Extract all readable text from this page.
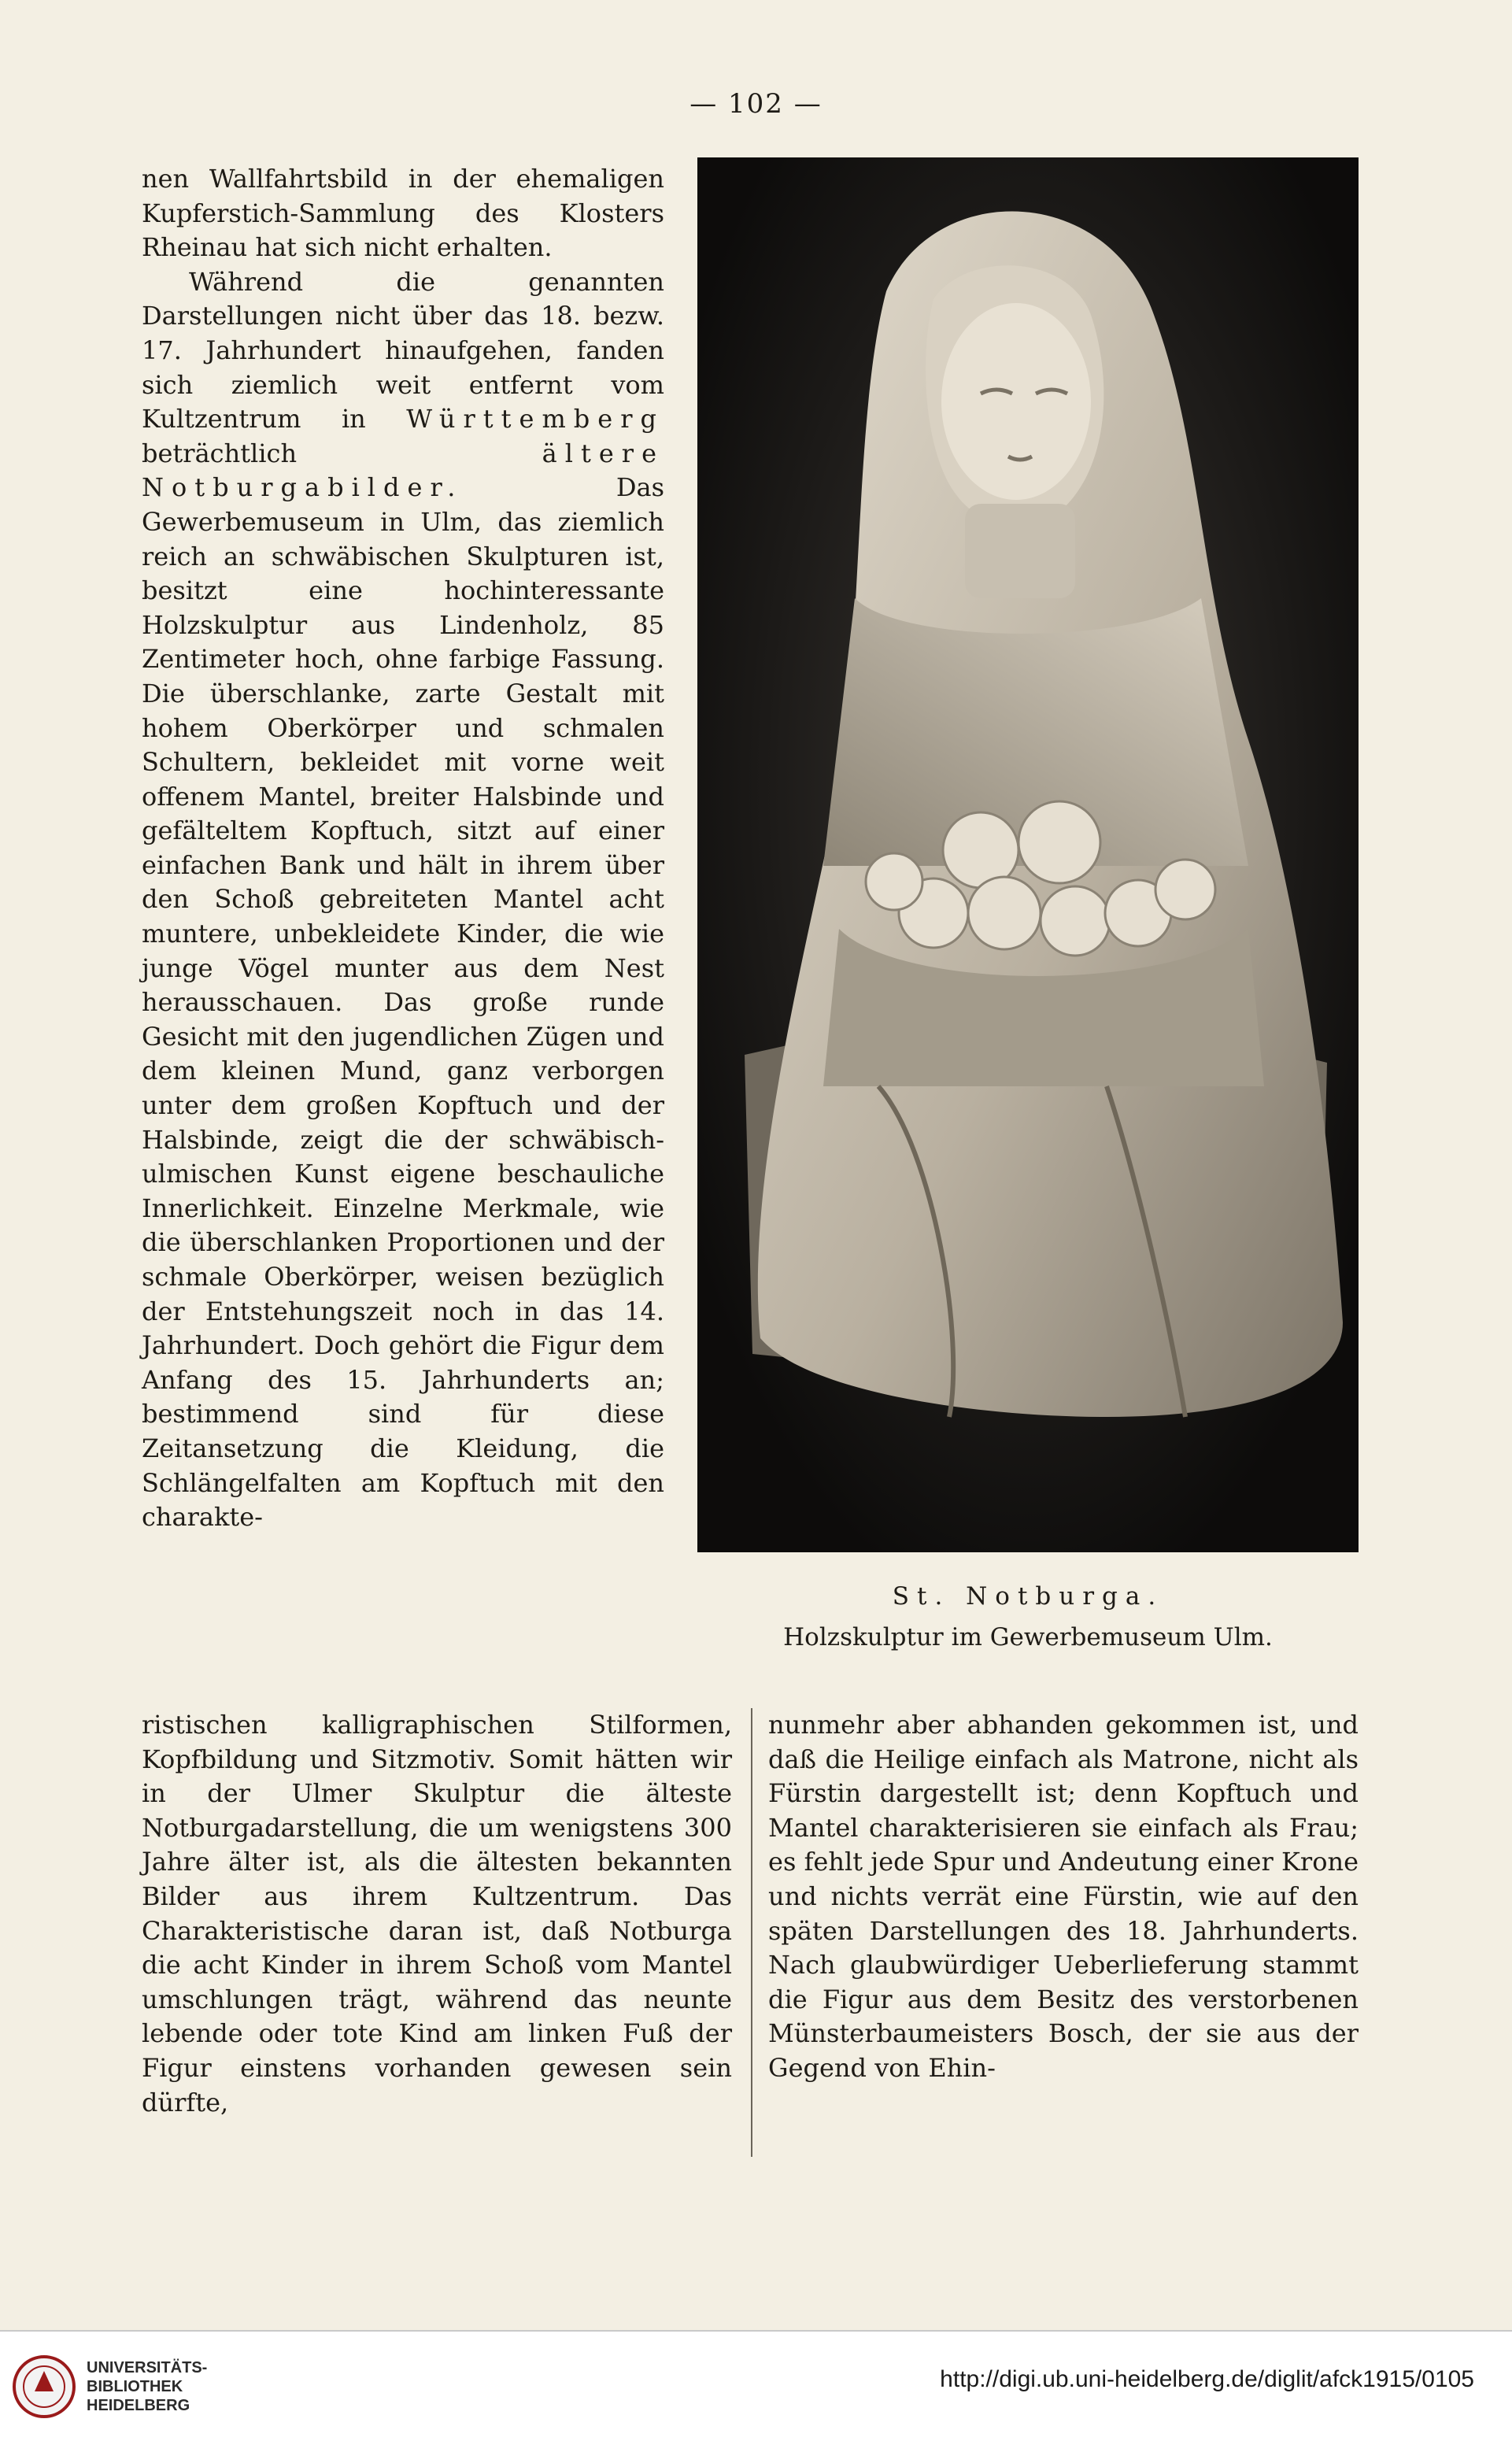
— 102 —

nen Wallfahrtsbild in der ehemaligen Kupferstich-Sammlung des Klosters Rheinau hat sich nicht erhalten.

Während die genannten Darstellungen nicht über das 18. bezw. 17. Jahrhundert hinaufgehen, fanden sich ziemlich weit entfernt vom Kultzentrum in Württemberg beträchtlich	ältere Notburgabilder.	Das Gewerbemuseum in Ulm, das ziemlich reich an schwäbischen Skulpturen ist, besitzt eine hochinteressante Holzskulptur aus Lindenholz, 85 Zentimeter hoch, ohne farbige Fassung. Die überschlanke, zarte Gestalt mit hohem Oberkörper und schmalen Schultern, bekleidet mit vorne weit offenem Mantel, breiter Halsbinde und gefälteltem Kopftuch, sitzt auf einer einfachen Bank und hält in ihrem über den Schoß gebreiteten Mantel acht muntere, unbekleidete Kinder, die wie junge Vögel munter aus dem Nest herausschauen. Das große runde Gesicht mit den jugendlichen Zügen und dem kleinen Mund, ganz verborgen unter dem großen Kopftuch und der Halsbinde, zeigt die der schwäbisch-ulmischen Kunst eigene beschauliche Innerlichkeit. Einzelne Merkmale, wie die überschlanken Proportionen und der schmale Oberkörper, weisen bezüglich der Entstehungszeit noch in das 14. Jahrhundert. Doch gehört die Figur dem Anfang des 15. Jahrhunderts an; bestimmend sind für diese Zeitansetzung die Kleidung, die Schlängelfalten am Kopftuch mit den charakte-

St. Notburga.
Holzskulptur im Gewerbemuseum Ulm.
ristischen kalligraphischen Stilformen, Kopfbildung und Sitzmotiv. Somit hätten wir in der Ulmer Skulptur die älteste Notburgadarstellung, die um wenigstens 300 Jahre älter ist, als die ältesten bekannten Bilder aus ihrem Kultzentrum. Das Charakteristische daran ist, daß Notburga die acht Kinder in ihrem Schoß vom Mantel umschlungen trägt, während das neunte lebende oder tote Kind am linken Fuß der Figur einstens vorhanden gewesen sein dürfte,
nunmehr aber abhanden gekommen ist, und daß die Heilige einfach als Matrone, nicht als Fürstin dargestellt ist; denn Kopftuch und Mantel charakterisieren sie einfach als Frau; es fehlt jede Spur und Andeutung einer Krone und nichts verrät eine Fürstin, wie auf den späten Darstellungen des 18. Jahrhunderts. Nach glaubwürdiger Ueberlieferung stammt die Figur aus dem Besitz des verstorbenen Münsterbaumeisters Bosch, der sie aus der Gegend von Ehin-
UNIVERSITÄTS-
BIBLIOTHEK
HEIDELBERG
http://digi.ub.uni-heidelberg.de/diglit/afck1915/0105
